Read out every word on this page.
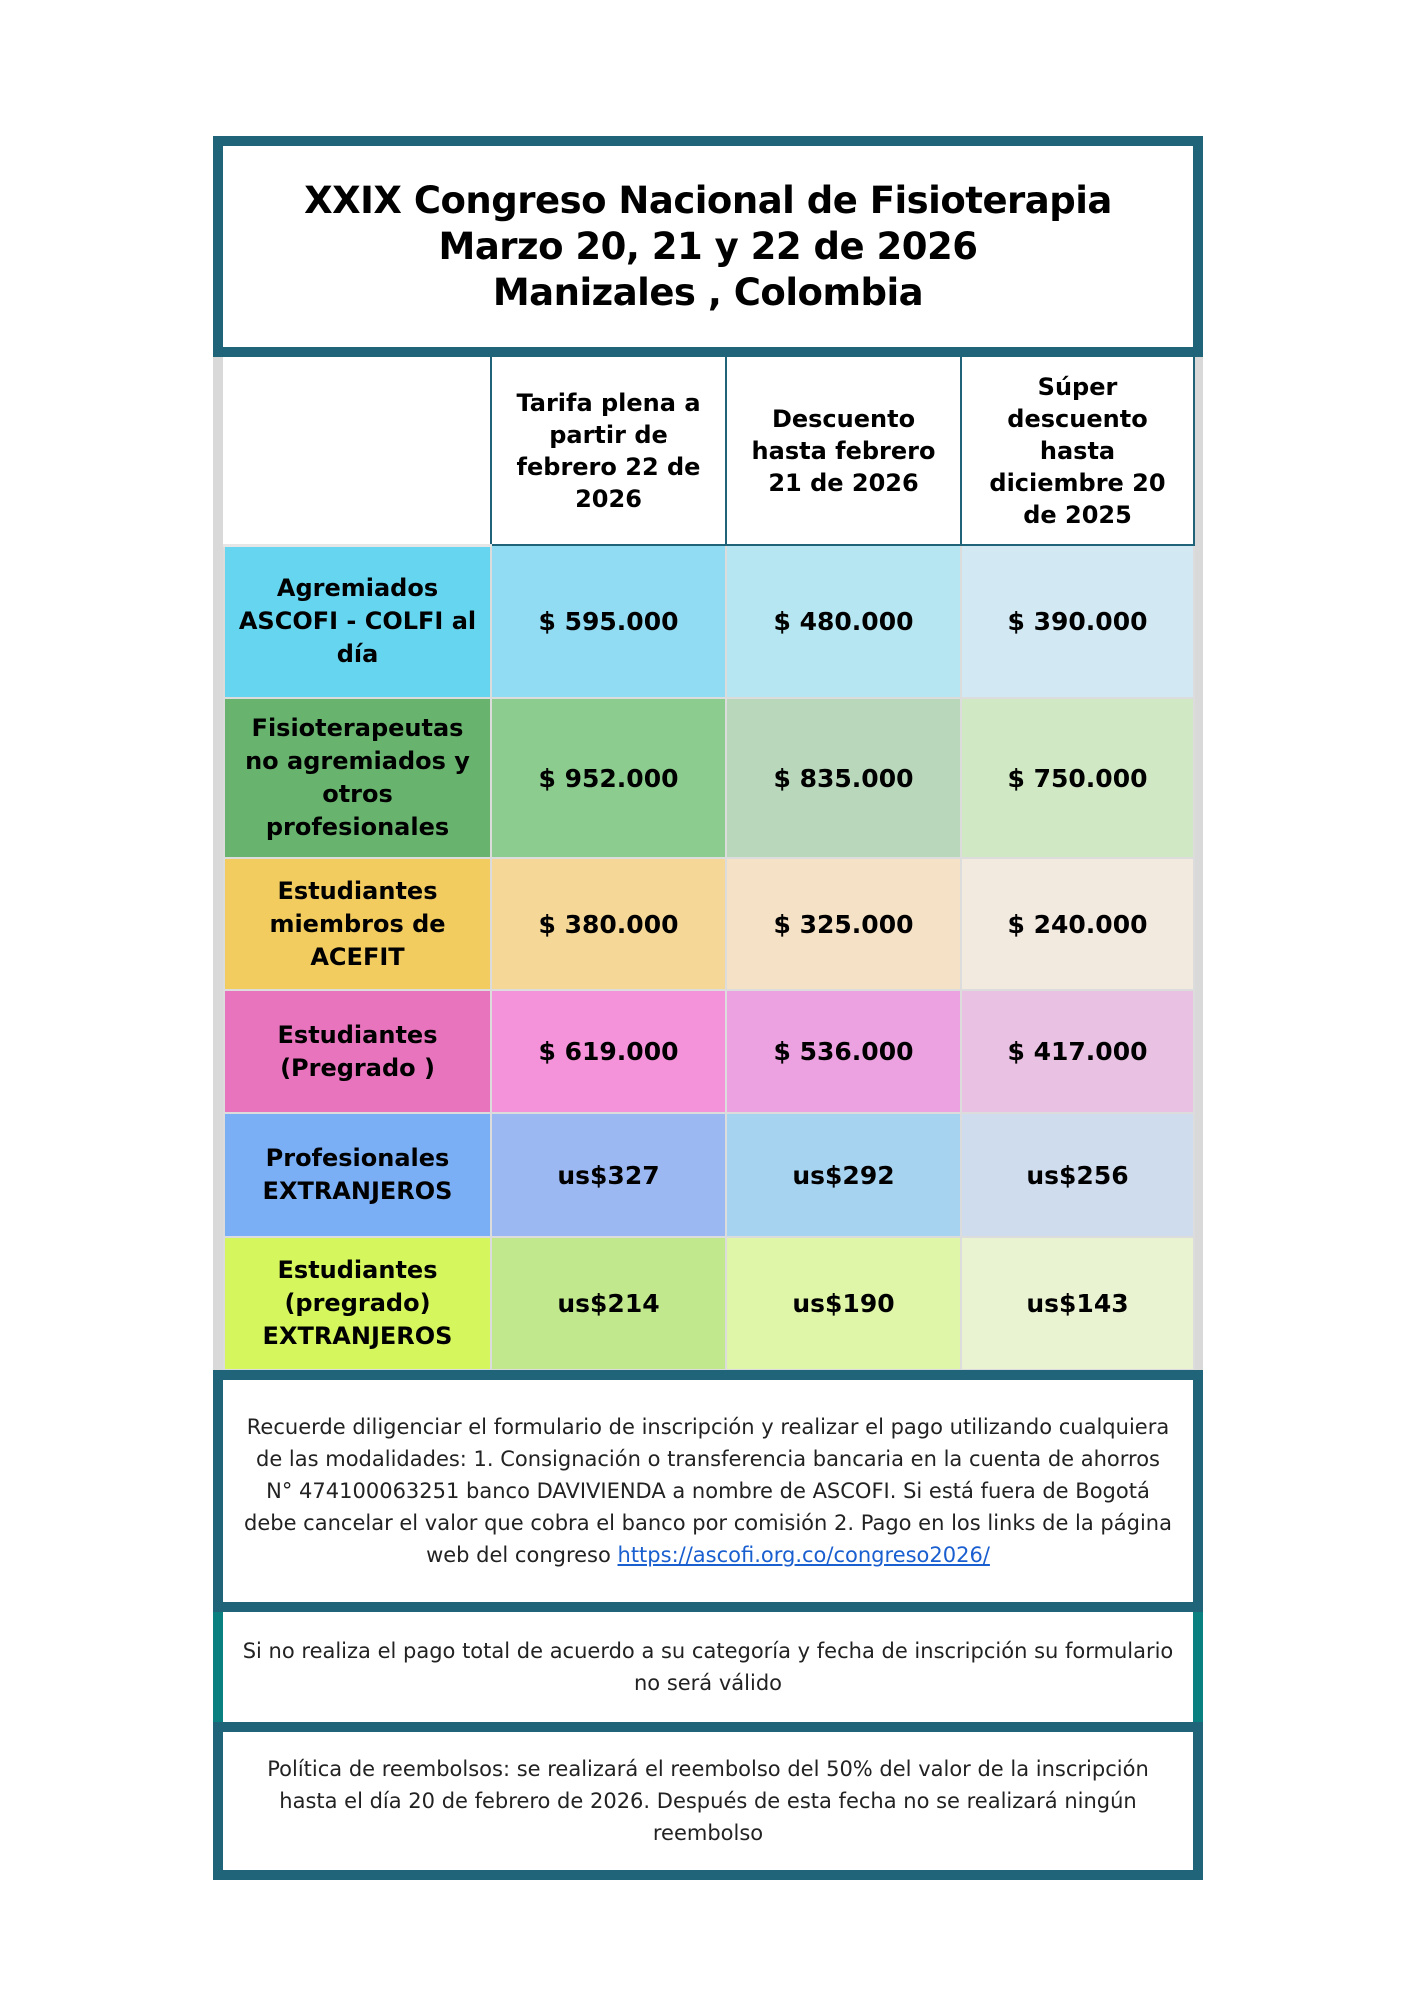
XXIX Congreso Nacional de Fisioterapia
Marzo 20, 21 y 22 de 2026
Manizales , Colombia
	Tarifa plena a partir de febrero 22 de 2026	Descuento hasta febrero 21 de 2026	Súper descuento hasta diciembre 20 de 2025
Agremiados ASCOFI - COLFI al día	$ 595.000	$ 480.000	$ 390.000
Fisioterapeutas no agremiados y otros profesionales	$ 952.000	$ 835.000	$ 750.000
Estudiantes miembros de ACEFIT	$ 380.000	$ 325.000	$ 240.000
Estudiantes (Pregrado )	$ 619.000	$ 536.000	$ 417.000
Profesionales EXTRANJEROS	us$327	us$292	us$256
Estudiantes (pregrado) EXTRANJEROS	us$214	us$190	us$143

Recuerde diligenciar el formulario de inscripción y realizar el pago utilizando cualquiera de las modalidades: 1. Consignación o transferencia bancaria en la cuenta de ahorros N° 474100063251 banco DAVIVIENDA a nombre de ASCOFI. Si está fuera de Bogotá debe cancelar el valor que cobra el banco por comisión 2. Pago en los links de la página web del congreso https://ascofi.org.co/congreso2026/

Si no realiza el pago total de acuerdo a su categoría y fecha de inscripción su formulario no será válido

Política de reembolsos: se realizará el reembolso del 50% del valor de la inscripción hasta el día 20 de febrero de 2026. Después de esta fecha no se realizará ningún reembolso
